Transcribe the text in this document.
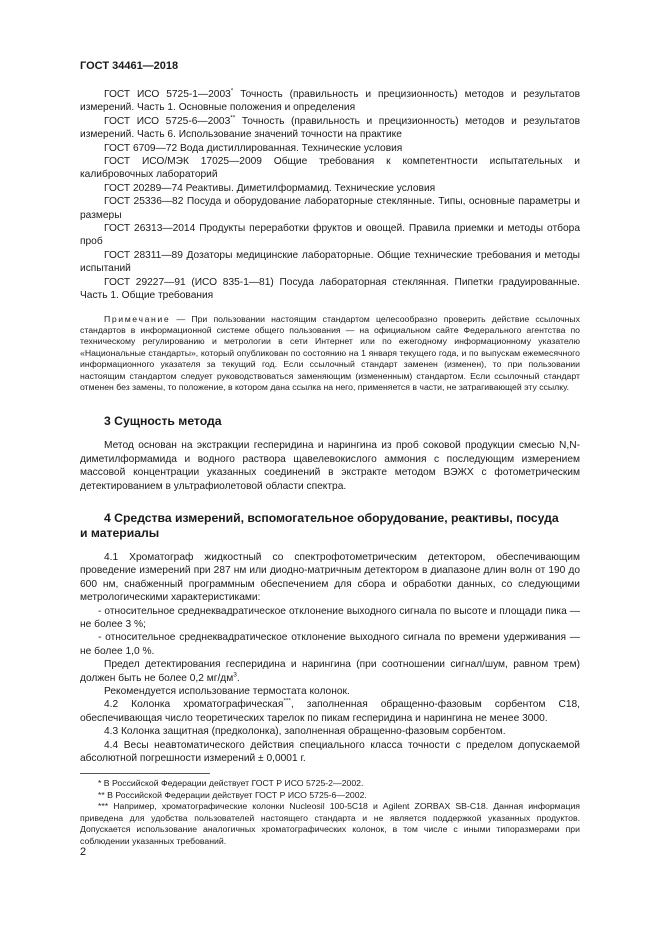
ГОСТ 34461—2018

ГОСТ ИСО 5725-1—2003* Точность (правильность и прецизионность) методов и результатов измерений. Часть 1. Основные положения и определения

ГОСТ ИСО 5725-6—2003** Точность (правильность и прецизионность) методов и результатов измерений. Часть 6. Использование значений точности на практике

ГОСТ 6709—72 Вода дистиллированная. Технические условия

ГОСТ ИСО/МЭК 17025—2009 Общие требования к компетентности испытательных и калибровочных лабораторий

ГОСТ 20289—74 Реактивы. Диметилформамид. Технические условия

ГОСТ 25336—82 Посуда и оборудование лабораторные стеклянные. Типы, основные параметры и размеры

ГОСТ 26313—2014 Продукты переработки фруктов и овощей. Правила приемки и методы отбора проб

ГОСТ 28311—89 Дозаторы медицинские лабораторные. Общие технические требования и методы испытаний

ГОСТ 29227—91 (ИСО 835-1—81) Посуда лабораторная стеклянная. Пипетки градуированные. Часть 1. Общие требования

Примечание — При пользовании настоящим стандартом целесообразно проверить действие ссылочных стандартов в информационной системе общего пользования — на официальном сайте Федерального агентства по техническому регулированию и метрологии в сети Интернет или по ежегодному информационному указателю «Национальные стандарты», который опубликован по состоянию на 1 января текущего года, и по выпускам ежемесячного информационного указателя за текущий год. Если ссылочный стандарт заменен (изменен), то при пользовании настоящим стандартом следует руководствоваться заменяющим (измененным) стандартом. Если ссылочный стандарт отменен без замены, то положение, в котором дана ссылка на него, применяется в части, не затрагивающей эту ссылку.

3 Сущность метода

Метод основан на экстракции гесперидина и нарингина из проб соковой продукции смесью N,N-диметилформамида и водного раствора щавелевокислого аммония с последующим измерением массовой концентрации указанных соединений в экстракте методом ВЭЖХ с фотометрическим детектированием в ультрафиолетовой области спектра.

4 Средства измерений, вспомогательное оборудование, реактивы, посуда
и материалы

4.1 Хроматограф жидкостный со спектрофотометрическим детектором, обеспечивающим проведение измерений при 287 нм или диодно-матричным детектором в диапазоне длин волн от 190 до 600 нм, снабженный программным обеспечением для сбора и обработки данных, со следующими метрологическими характеристиками:

- относительное среднеквадратическое отклонение выходного сигнала по высоте и площади пика — не более 3 %;

- относительное среднеквадратическое отклонение выходного сигнала по времени удерживания — не более 1,0 %.

Предел детектирования гесперидина и нарингина (при соотношении сигнал/шум, равном трем) должен быть не более 0,2 $мг/дм^3$.

Рекомендуется использование термостата колонок.

4.2 Колонка хроматографическая***, заполненная обращенно-фазовым сорбентом С18, обеспечивающая число теоретических тарелок по пикам гесперидина и нарингина не менее 3000.

4.3 Колонка защитная (предколонка), заполненная обращенно-фазовым сорбентом.

4.4 Весы неавтоматического действия специального класса точности с пределом допускаемой абсолютной погрешности измерений ± 0,0001 г.

* В Российской Федерации действует ГОСТ Р ИСО 5725-2—2002.

** В Российской Федерации действует ГОСТ Р ИСО 5725-6—2002.

*** Например, хроматографические колонки Nucleosil 100-5C18 и Agilent ZORBAX SB-C18. Данная информация приведена для удобства пользователей настоящего стандарта и не является поддержкой указанных продуктов. Допускается использование аналогичных хроматографических колонок, в том числе с иными типоразмерами при соблюдении указанных требований.

2
